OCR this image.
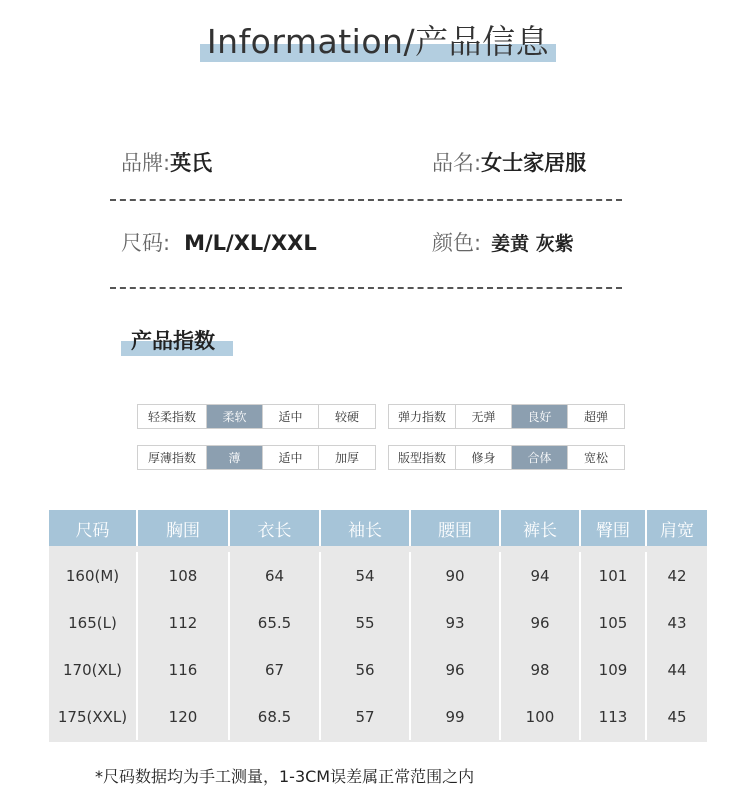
Information/产品信息
品牌:英氏	品名:女士家居服
尺码: M/L/XL/XXL	颜色: 姜黄 灰紫
产品指数
轻柔指数	柔软	适中	较硬	弹力指数	无弹	良好	超弹
厚薄指数	薄	适中	加厚	版型指数	修身	合体	宽松
尺码	胸围	衣长	袖长	腰围	裤长	臀围	肩宽
160(M)	108	64	54	90	94	101	42
165(L)	112	65.5	55	93	96	105	43
170(XL)	116	67	56	96	98	109	44
175(XXL)	120	68.5	57	99	100	113	45
*尺码数据均为手工测量，1-3CM误差属正常范围之内
